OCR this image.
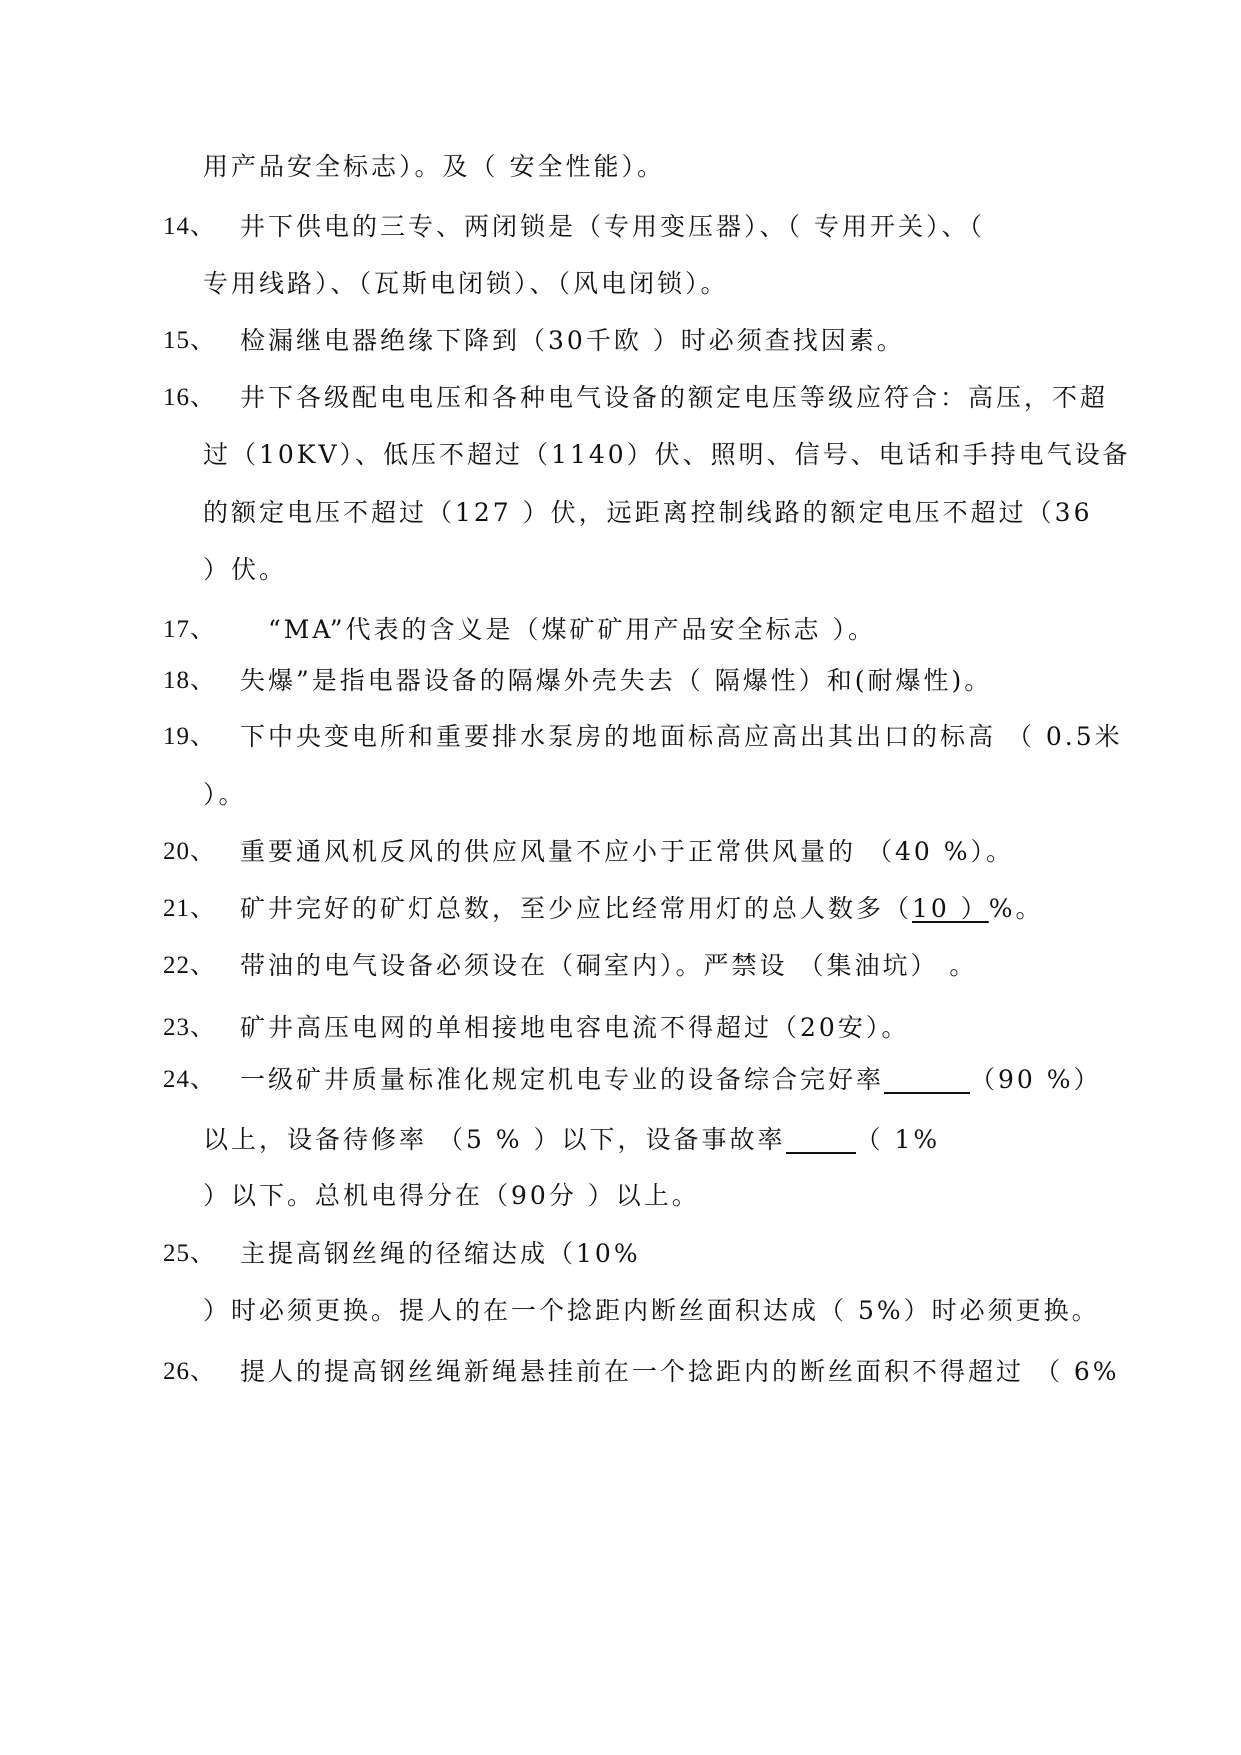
用产品安全标志）。及（ 安全性能）。
14、 井下供电的三专、两闭锁是（专用变压器）、（ 专用开关）、（
专用线路）、（瓦斯电闭锁）、（风电闭锁）。
15、 检漏继电器绝缘下降到（30千欧 ）时必须查找因素。
16、 井下各级配电电压和各种电气设备的额定电压等级应符合：高压，不超
过（10KV）、低压不超过（1140）伏、照明、信号、电话和手持电气设备
的额定电压不超过（127 ）伏，远距离控制线路的额定电压不超过（36
）伏。
17、 “MA”代表的含义是（煤矿矿用产品安全标志 ）。
18、 失爆”是指电器设备的隔爆外壳失去（ 隔爆性）和(耐爆性)。
19、 下中央变电所和重要排水泵房的地面标高应高出其出口的标高 （ 0.5米
）。
20、 重要通风机反风的供应风量不应小于正常供风量的 （40 %）。
21、 矿井完好的矿灯总数，至少应比经常用灯的总人数多（10 ）%。
22、 带油的电气设备必须设在（硐室内）。严禁设 （集油坑） 。
23、 矿井高压电网的单相接地电容电流不得超过（20安）。
24、 一级矿井质量标准化规定机电专业的设备综合完好率	（90 %）
以上，设备待修率 （5 % ）以下，设备事故率	（ 1%
）以下。总机电得分在（90分 ）以上。
25、 主提高钢丝绳的径缩达成（10%
）时必须更换。提人的在一个捻距内断丝面积达成（ 5%）时必须更换。
26、 提人的提高钢丝绳新绳悬挂前在一个捻距内的断丝面积不得超过 （ 6%
